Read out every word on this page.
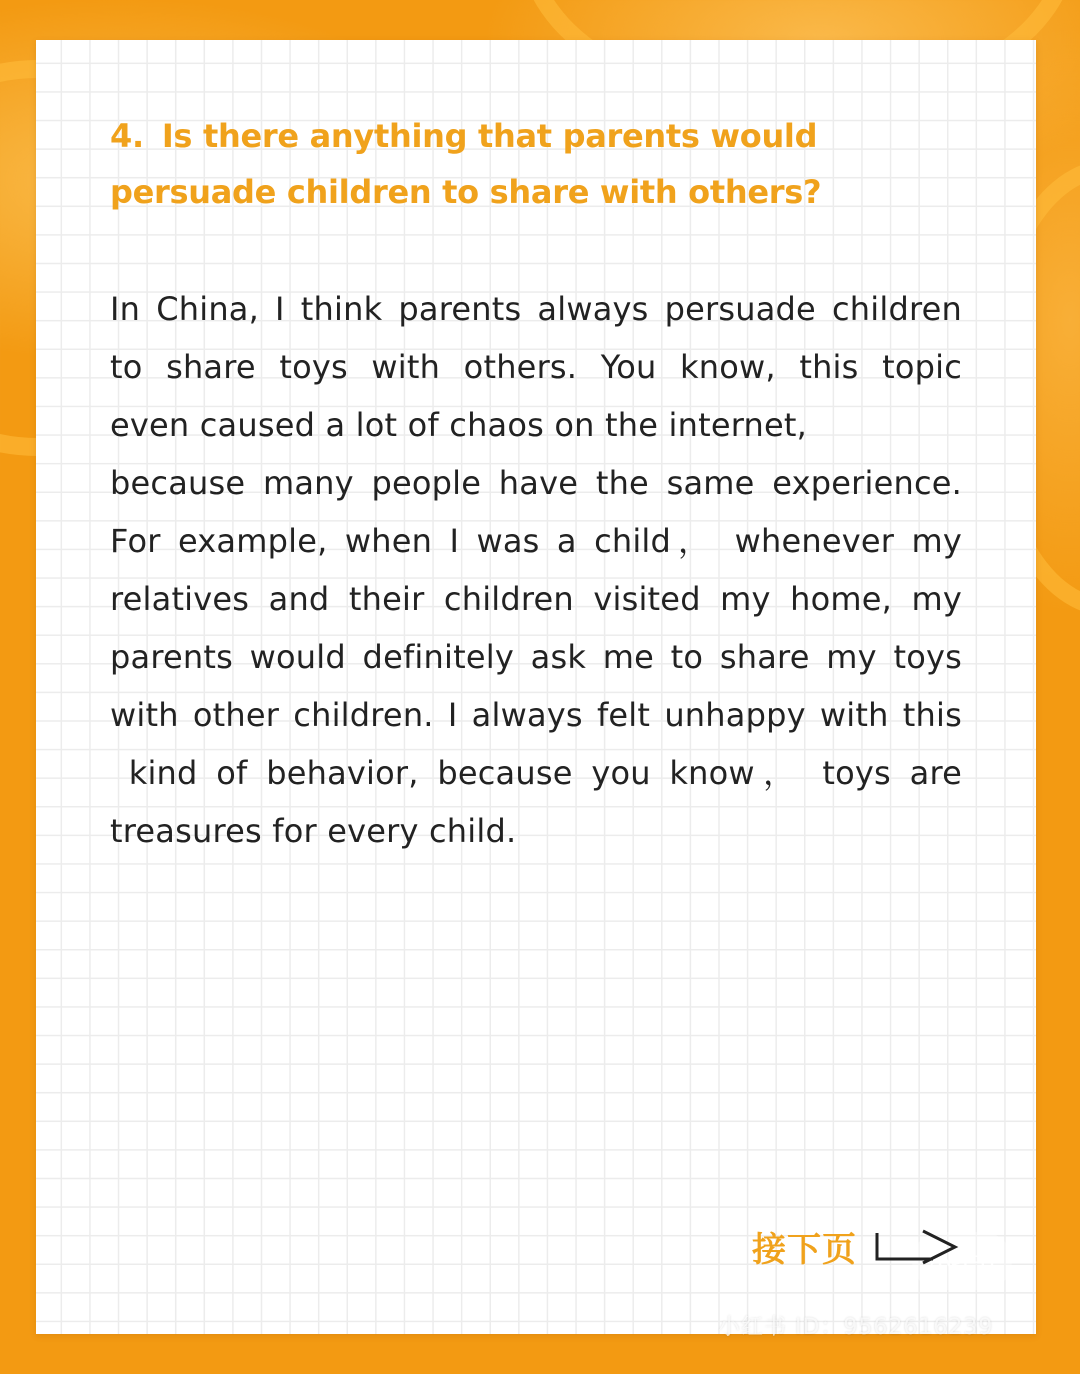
4. Is there anything that parents would persuade children to share with others?
In China, I think parents always persuade children
to share toys with others. You know, this topic
even caused a lot of chaos on the internet,
because many people have the same experience.
For example, when I was a child， whenever my
relatives and their children visited my home, my
parents would definitely ask me to share my toys
with other children. I always felt unhappy with this
kind of behavior, because you know， toys are
treasures for every child.
小红书
接下页
小红书 ID：9562616239
